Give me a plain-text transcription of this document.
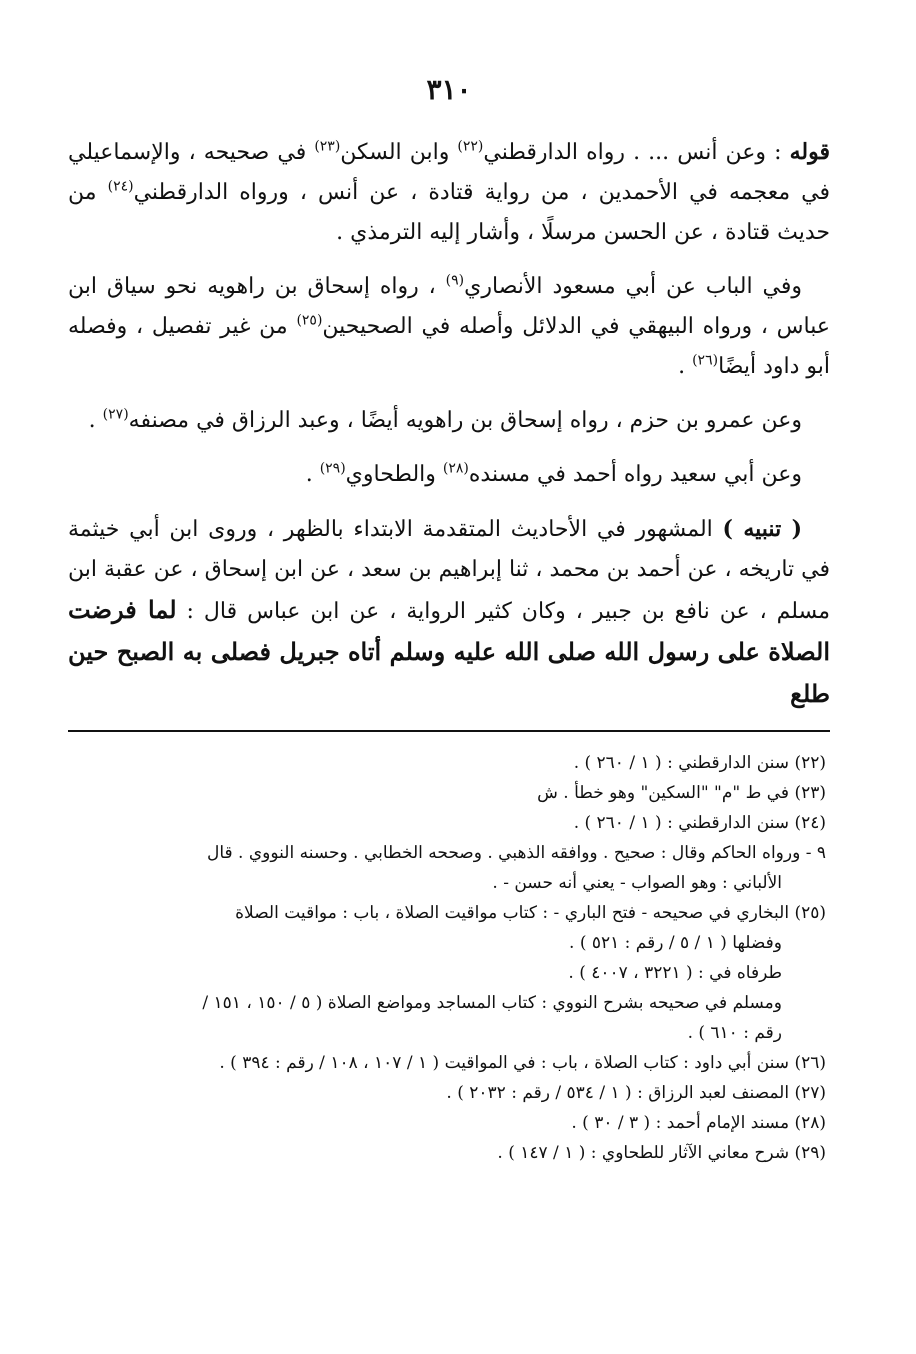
٣١٠

قوله : وعن أنس ... . رواه الدارقطني$^{(٢٢)}$ وابن السكن$^{(٢٣)}$ في صحيحه ، والإسماعيلي في معجمه في الأحمدين ، من رواية قتادة ، عن أنس ، ورواه الدارقطني$^{(٢٤)}$ من حديث قتادة ، عن الحسن مرسلًا ، وأشار إليه الترمذي .

وفي الباب عن أبي مسعود الأنصاري$^{(٩)}$ ، رواه إسحاق بن راهويه نحو سياق ابن عباس ، ورواه البيهقي في الدلائل وأصله في الصحيحين$^{(٢٥)}$ من غير تفصيل ، وفصله أبو داود أيضًا$^{(٢٦)}$ .

وعن عمرو بن حزم ، رواه إسحاق بن راهويه أيضًا ، وعبد الرزاق في مصنفه$^{(٢٧)}$ .

وعن أبي سعيد رواه أحمد في مسنده$^{(٢٨)}$ والطحاوي$^{(٢٩)}$ .

( تنبيه ) المشهور في الأحاديث المتقدمة الابتداء بالظهر ، وروى ابن أبي خيثمة في تاريخه ، عن أحمد بن محمد ، ثنا إبراهيم بن سعد ، عن ابن إسحاق ، عن عقبة ابن مسلم ، عن نافع بن جبير ، وكان كثير الرواية ، عن ابن عباس قال : لما فرضت الصلاة على رسول الله صلى الله عليه وسلم أتاه جبريل فصلى به الصبح حين طلع

(٢٢) سنن الدارقطني : ( ١ / ٢٦٠ ) .

(٢٣) في ط "م" "السكين" وهو خطأ . ش

(٢٤) سنن الدارقطني : ( ١ / ٢٦٠ ) .

٩ - ورواه الحاكم وقال : صحيح . ووافقه الذهبي . وصححه الخطابي . وحسنه النووي . قال

الألباني : وهو الصواب - يعني أنه حسن - .

(٢٥) البخاري في صحيحه - فتح الباري - : كتاب مواقيت الصلاة ، باب : مواقيت الصلاة

وفضلها ( ١ / ٥ / رقم : ٥٢١ ) .

طرفاه في : ( ٣٢٢١ ، ٤٠٠٧ ) .

ومسلم في صحيحه بشرح النووي : كتاب المساجد ومواضع الصلاة ( ٥ / ١٥٠ ، ١٥١ /

رقم : ٦١٠ ) .

(٢٦) سنن أبي داود : كتاب الصلاة ، باب : في المواقيت ( ١ / ١٠٧ ، ١٠٨ / رقم : ٣٩٤ ) .

(٢٧) المصنف لعبد الرزاق : ( ١ / ٥٣٤ / رقم : ٢٠٣٢ ) .

(٢٨) مسند الإمام أحمد : ( ٣ / ٣٠ ) .

(٢٩) شرح معاني الآثار للطحاوي : ( ١ / ١٤٧ ) .
